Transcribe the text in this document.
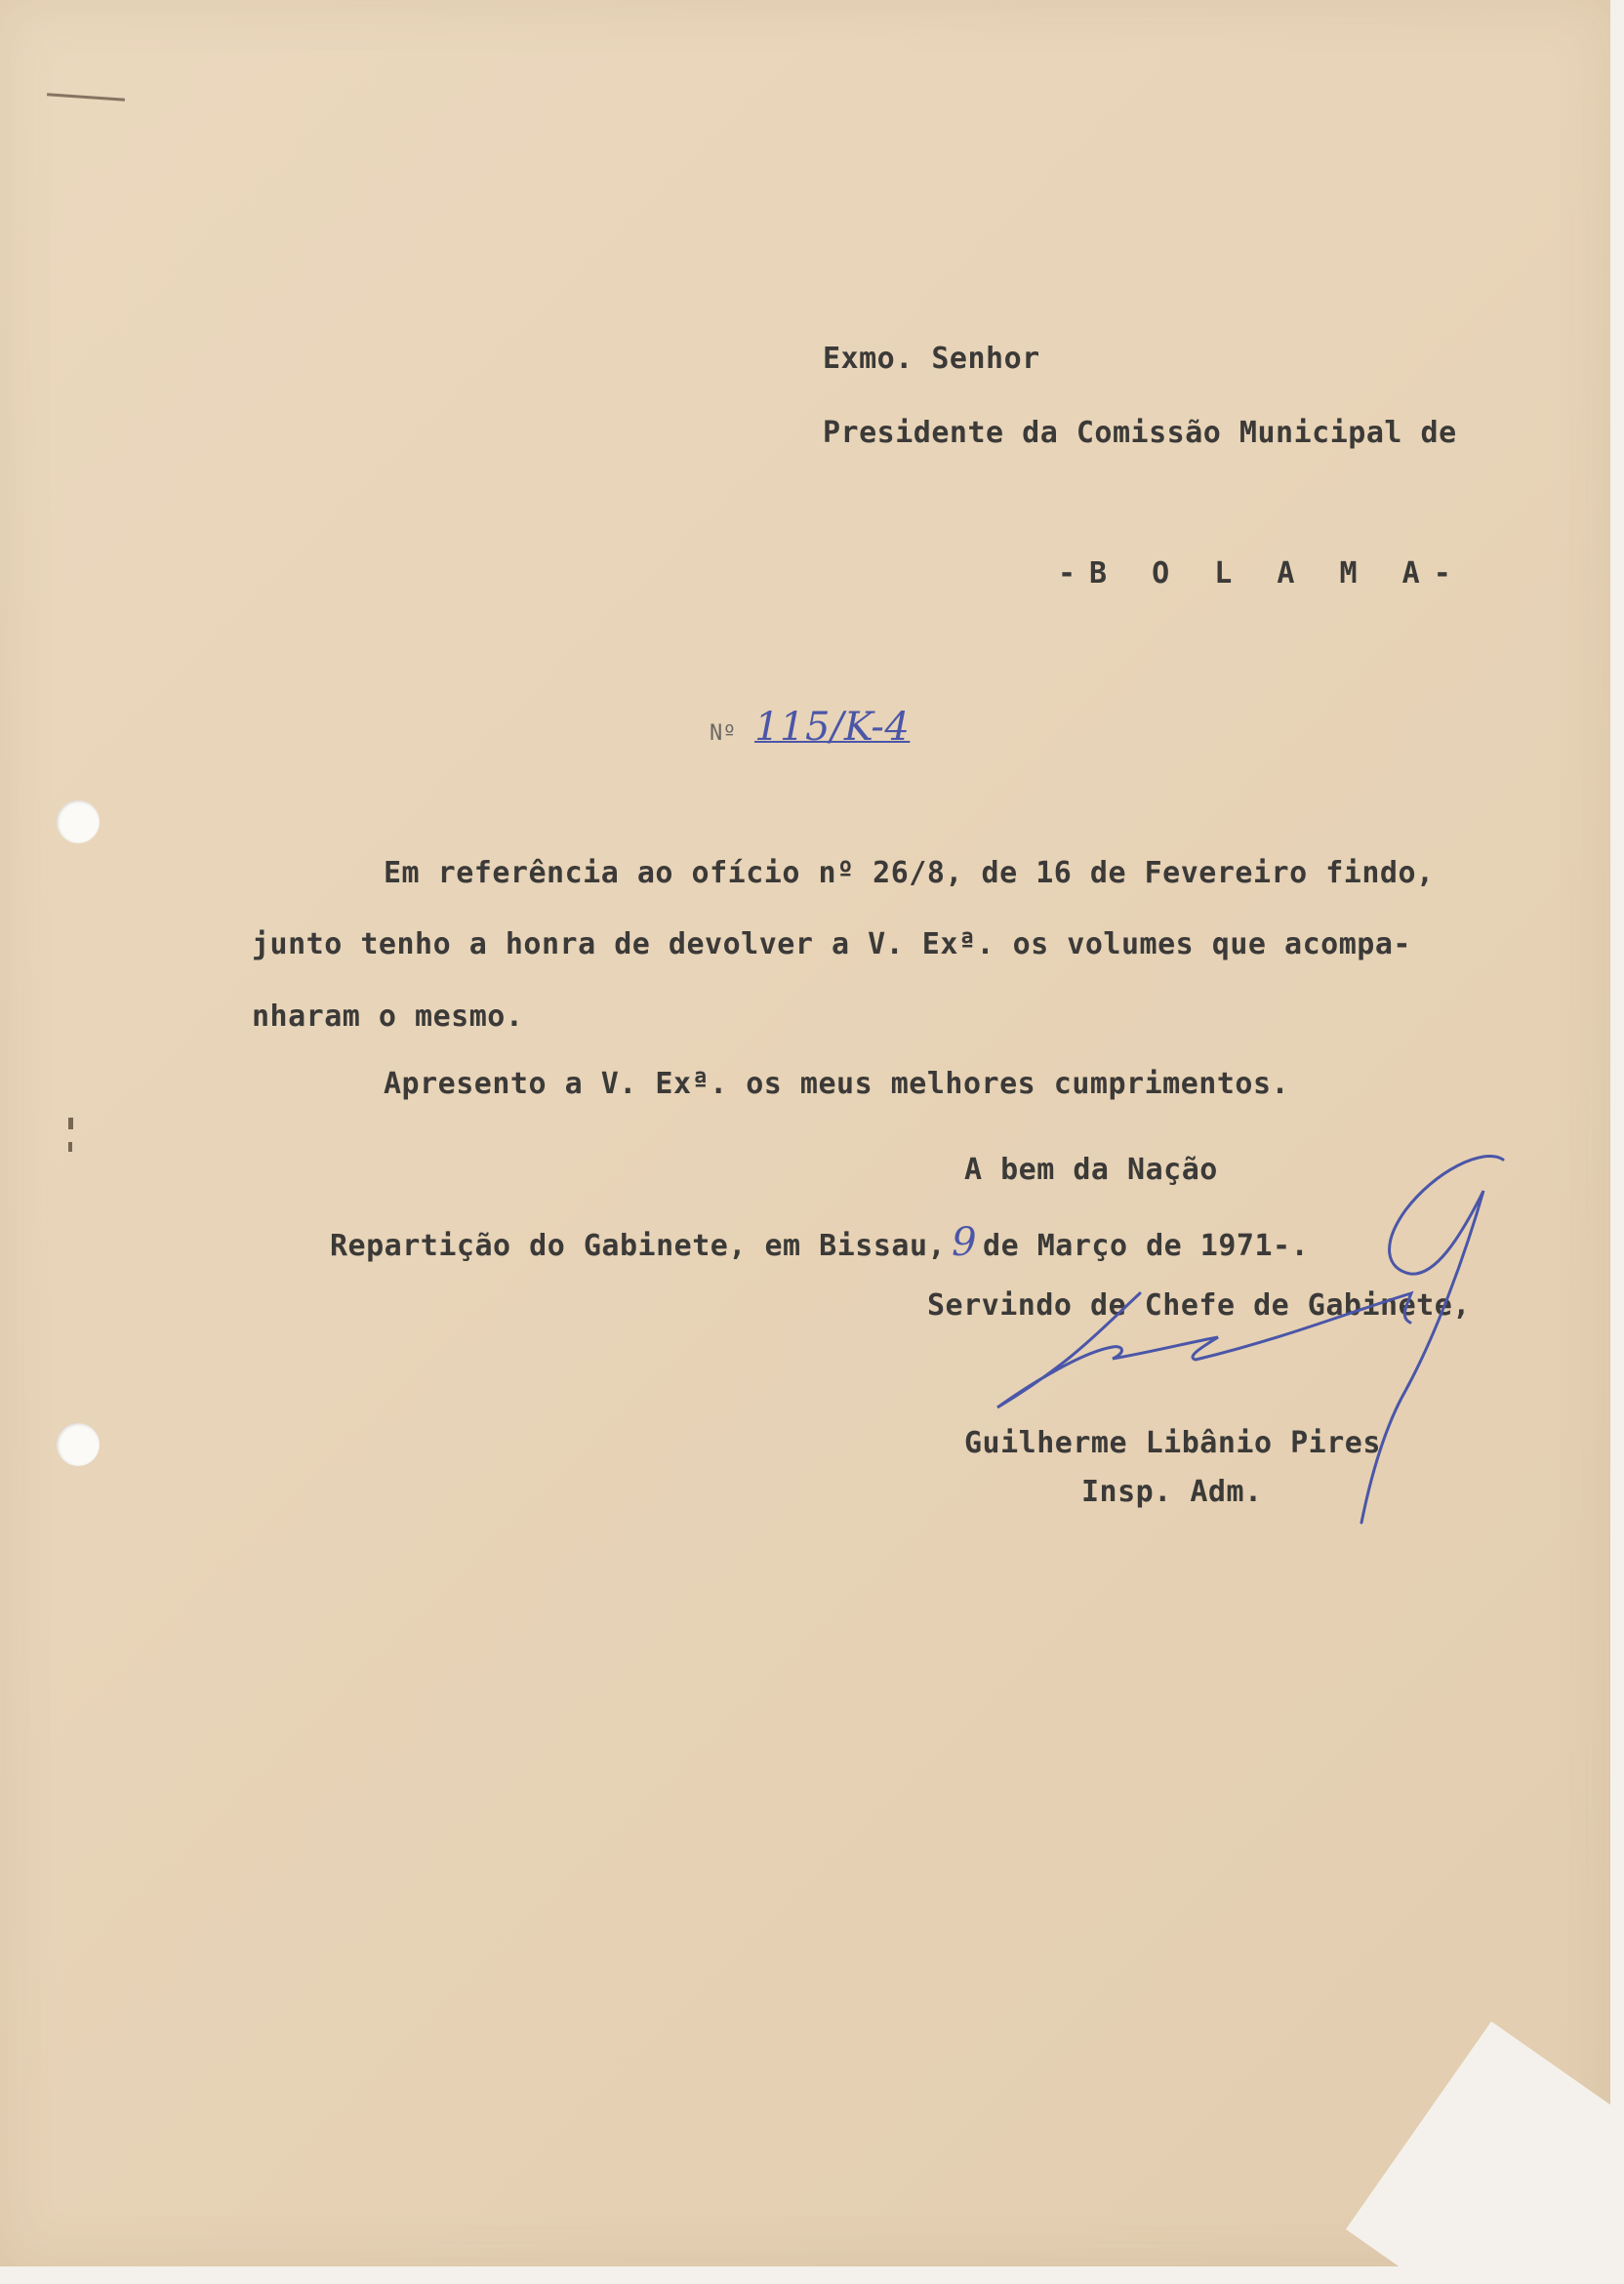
Exmo. Senhor

Presidente da Comissão Municipal de

-B O L A M A-

Nº 115/K-4

Em referência ao ofício nº 26/8, de 16 de Fevereiro findo,

junto tenho a honra de devolver a V. Exª. os volumes que acompa-

nharam o mesmo.

Apresento a V. Exª. os meus melhores cumprimentos.

A bem da Nação

Repartição do Gabinete, em Bissau, 9 de Março de 1971-.

Servindo de Chefe de Gabinete,

Guilherme Libânio Pires

Insp. Adm.
